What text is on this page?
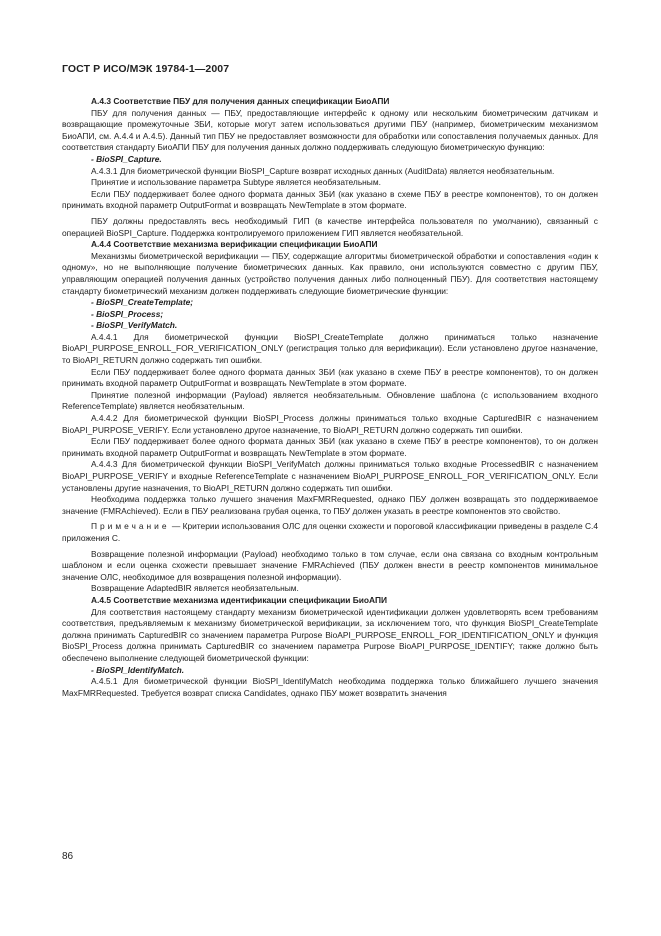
ГОСТ Р ИСО/МЭК 19784-1—2007

А.4.3 Соответствие ПБУ для получения данных спецификации БиоАПИ

ПБУ для получения данных — ПБУ, предоставляющие интерфейс к одному или нескольким биометрическим датчикам и возвращающие промежуточные ЗБИ, которые могут затем использоваться другими ПБУ (например, биометрическим механизмом БиоАПИ, см. А.4.4 и А.4.5). Данный тип ПБУ не предоставляет возможности для обработки или сопоставления получаемых данных. Для соответствия стандарту БиоАПИ ПБУ для получения данных должно поддерживать следующую биометрическую функцию:

- BioSPI_Capture.

А.4.3.1 Для биометрической функции BioSPI_Capture возврат исходных данных (AuditData) является необязательным.

Принятие и использование параметра Subtype является необязательным.

Если ПБУ поддерживает более одного формата данных ЗБИ (как указано в схеме ПБУ в реестре компонентов), то он должен принимать входной параметр OutputFormat и возвращать NewTemplate в этом формате.

ПБУ должны предоставлять весь необходимый ГИП (в качестве интерфейса пользователя по умолчанию), связанный с операцией BioSPI_Capture. Поддержка контролируемого приложением ГИП является необязательной.

А.4.4 Соответствие механизма верификации спецификации БиоАПИ

Механизмы биометрической верификации — ПБУ, содержащие алгоритмы биометрической обработки и сопоставления «один к одному», но не выполняющие получение биометрических данных. Как правило, они используются совместно с другим ПБУ, управляющим операцией получения данных (устройство получения данных либо полноценный ПБУ). Для соответствия настоящему стандарту биометрический механизм должен поддерживать следующие биометрические функции:

- BioSPI_CreateTemplate;

- BioSPI_Process;

- BioSPI_VerifyMatch.

А.4.4.1 Для биометрической функции BioSPI_CreateTemplate должно приниматься только назначение BioAPI_PURPOSE_ENROLL_FOR_VERIFICATION_ONLY (регистрация только для верификации). Если установлено другое назначение, то BioAPI_RETURN должно содержать тип ошибки.

Если ПБУ поддерживает более одного формата данных ЗБИ (как указано в схеме ПБУ в реестре компонентов), то он должен принимать входной параметр OutputFormat и возвращать NewTemplate в этом формате.

Принятие полезной информации (Payload) является необязательным. Обновление шаблона (с использованием входного ReferenceTemplate) является необязательным.

А.4.4.2 Для биометрической функции BioSPI_Process должны приниматься только входные CapturedBIR с назначением BioAPI_PURPOSE_VERIFY. Если установлено другое назначение, то BioAPI_RETURN должно содержать тип ошибки.

Если ПБУ поддерживает более одного формата данных ЗБИ (как указано в схеме ПБУ в реестре компонентов), то он должен принимать входной параметр OutputFormat и возвращать NewTemplate в этом формате.

А.4.4.3 Для биометрической функции BioSPI_VerifyMatch должны приниматься только входные ProcessedBIR с назначением BioAPI_PURPOSE_VERIFY и входные ReferenceTemplate с назначением BioAPI_PURPOSE_ENROLL_FOR_VERIFICATION_ONLY. Если установлены другие назначения, то BioAPI_RETURN должно содержать тип ошибки.

Необходима поддержка только лучшего значения MaxFMRRequested, однако ПБУ должен возвращать это поддерживаемое значение (FMRAchieved). Если в ПБУ реализована грубая оценка, то ПБУ должен указать в реестре компонентов это свойство.

Примечание — Критерии использования ОЛС для оценки схожести и пороговой классификации приведены в разделе С.4 приложения С.

Возвращение полезной информации (Payload) необходимо только в том случае, если она связана со входным контрольным шаблоном и если оценка схожести превышает значение FMRAchieved (ПБУ должен внести в реестр компонентов минимальное значение ОЛС, необходимое для возвращения полезной информации).

Возвращение AdaptedBIR является необязательным.

А.4.5 Соответствие механизма идентификации спецификации БиоАПИ

Для соответствия настоящему стандарту механизм биометрической идентификации должен удовлетворять всем требованиям соответствия, предъявляемым к механизму биометрической верификации, за исключением того, что функция BioSPI_CreateTemplate должна принимать CapturedBIR со значением параметра Purpose BioAPI_PURPOSE_ENROLL_FOR_IDENTIFICATION_ONLY и функция BioSPI_Process должна принимать CapturedBIR со значением параметра Purpose BioAPI_PURPOSE_IDENTIFY; также должно быть обеспечено выполнение следующей биометрической функции:

- BioSPI_IdentifyMatch.

А.4.5.1 Для биометрической функции BioSPI_IdentifyMatch необходима поддержка только ближайшего лучшего значения MaxFMRRequested. Требуется возврат списка Candidates, однако ПБУ может возвратить значения

86
